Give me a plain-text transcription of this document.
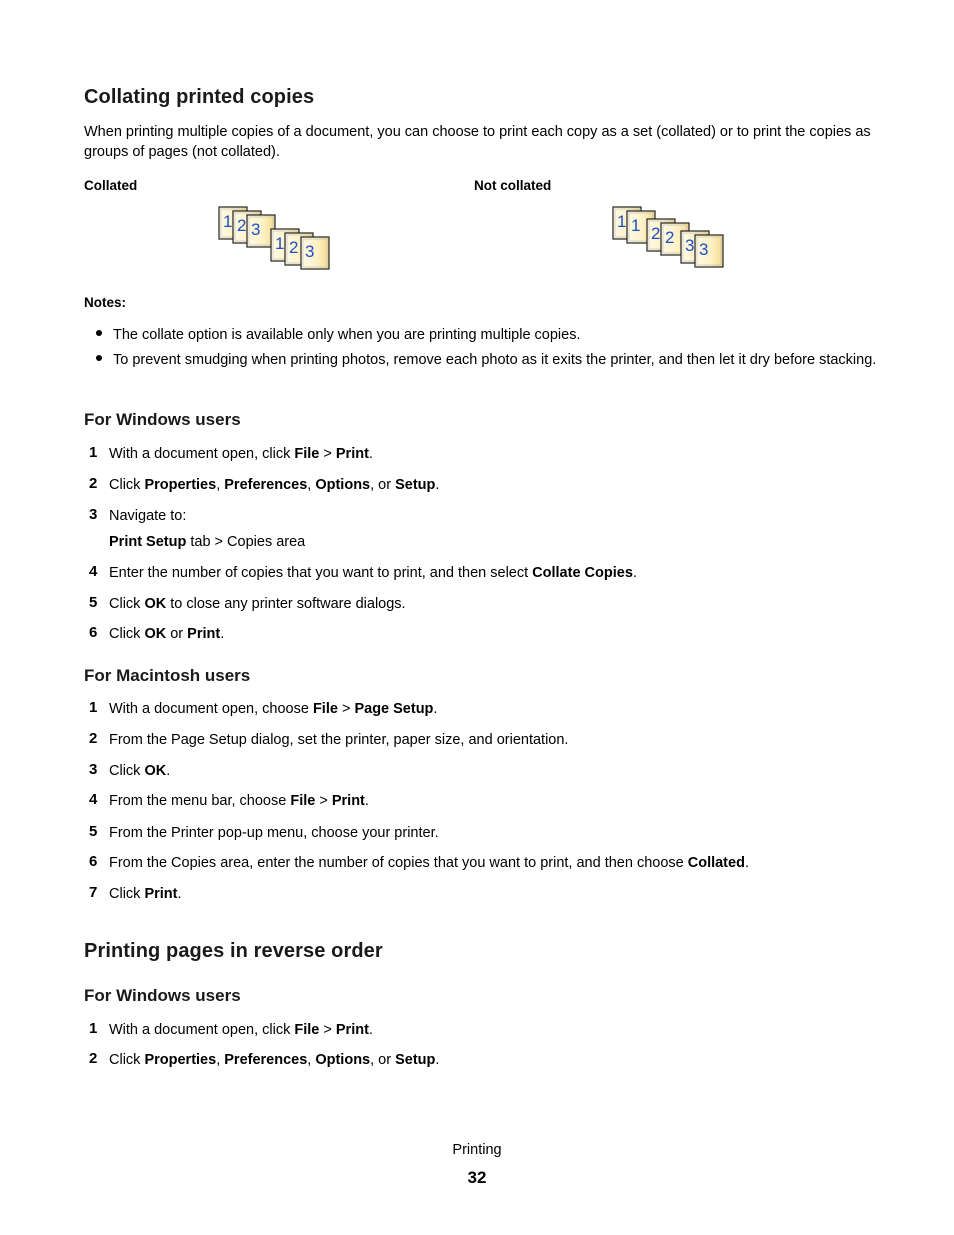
Collating printed copies
When printing multiple copies of a document, you can choose to print each copy as a set (collated) or to print the copies as groups of pages (not collated).
Collated	Not collated
1 2 3
1 2 3
1 1 2 2 3 3
Notes:
The collate option is available only when you are printing multiple copies.
To prevent smudging when printing photos, remove each photo as it exits the printer, and then let it dry before stacking.
For Windows users
1 With a document open, click File > Print.
2 Click Properties, Preferences, Options, or Setup.
3 Navigate to:
Print Setup tab > Copies area
4 Enter the number of copies that you want to print, and then select Collate Copies.
5 Click OK to close any printer software dialogs.
6 Click OK or Print.
For Macintosh users
1 With a document open, choose File > Page Setup.
2 From the Page Setup dialog, set the printer, paper size, and orientation.
3 Click OK.
4 From the menu bar, choose File > Print.
5 From the Printer pop-up menu, choose your printer.
6 From the Copies area, enter the number of copies that you want to print, and then choose Collated.
7 Click Print.
Printing pages in reverse order
For Windows users
1 With a document open, click File > Print.
2 Click Properties, Preferences, Options, or Setup.
Printing
32
